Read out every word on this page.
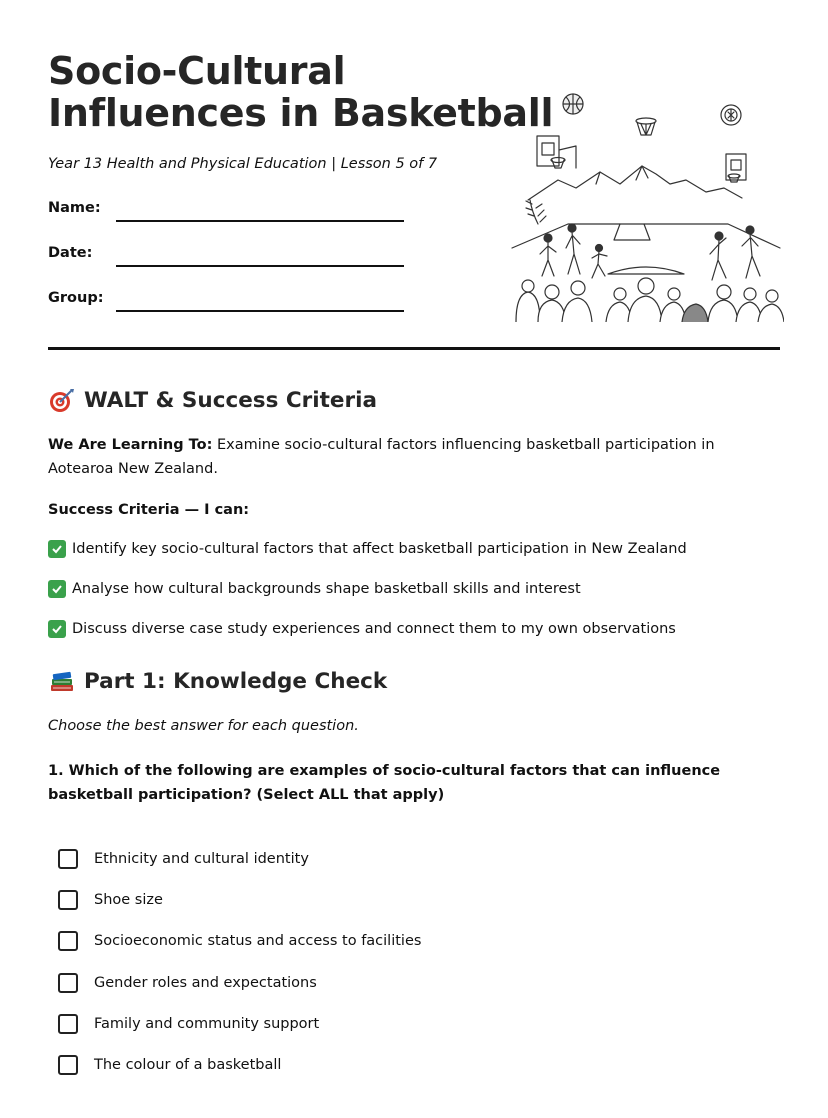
Socio-Cultural
Influences in Basketball
Year 13 Health and Physical Education | Lesson 5 of 7
Name:
Date:
Group:
WALT & Success Criteria
We Are Learning To: Examine socio-cultural factors influencing basketball participation in Aotearoa New Zealand.
Success Criteria — I can:
Identify key socio-cultural factors that affect basketball participation in New Zealand
Analyse how cultural backgrounds shape basketball skills and interest
Discuss diverse case study experiences and connect them to my own observations
Part 1: Knowledge Check
Choose the best answer for each question.
1. Which of the following are examples of socio-cultural factors that can influence basketball participation? (Select ALL that apply)
Ethnicity and cultural identity
Shoe size
Socioeconomic status and access to facilities
Gender roles and expectations
Family and community support
The colour of a basketball
